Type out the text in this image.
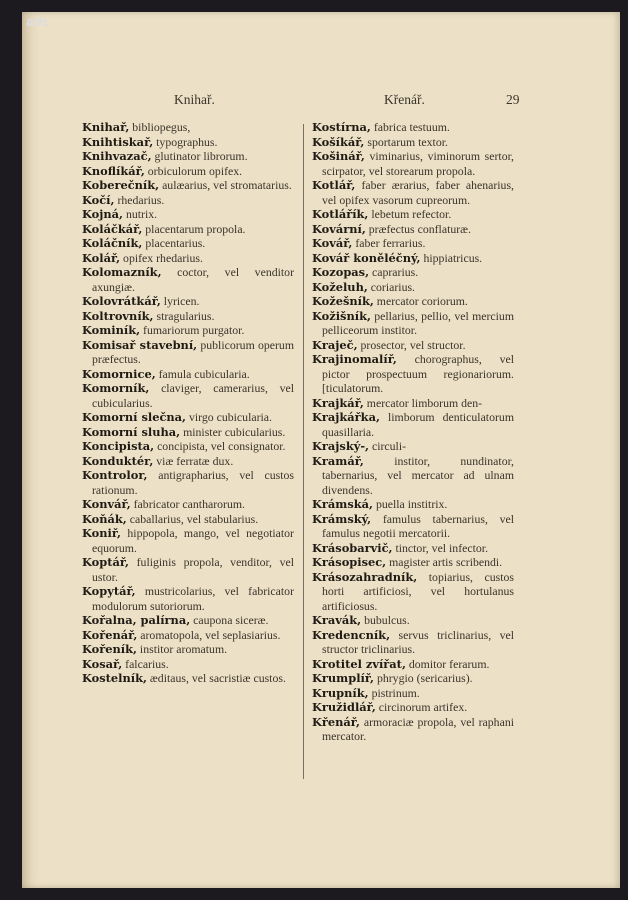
a9c
Knihař.	Křenář.	29

Knihař, bibliopegus,

Knihtiskař, typographus.

Knihvazač, glutinator librorum.

Knoflíkář, orbiculorum opifex.

Koberečník, aulæarius, vel stromatarius.

Kočí, rhedarius.

Kojná, nutrix.

Koláčkář, placentarum propola.

Koláčník, placentarius.

Kolář, opifex rhedarius.

Kolomazník, coctor, vel venditor axungiæ.

Kolovrátkář, lyricen.

Koltrovník, stragularius.

Kominík, fumariorum purgator.

Komisař stavební, publicorum operum præfectus.

Komornice, famula cubicularia.

Komorník, claviger, camerarius, vel cubicularius.

Komorní slečna, virgo cubicularia.

Komorní sluha, minister cubicularius.

Koncipista, concipista, vel consignator.

Konduktér, viæ ferratæ dux.

Kontrolor, antigrapharius, vel custos rationum.

Konvář, fabricator cantharorum.

Koňák, caballarius, vel stabularius.

Koniř, hippopola, mango, vel negotiator equorum.

Koptář, fuliginis propola, venditor, vel ustor.

Kopytář, mustricolarius, vel fabricator modulorum sutoriorum.

Kořalna, palírna, caupona siceræ.

Kořenář, aromatopola, vel seplasiarius.

Kořeník, institor aromatum.

Kosař, falcarius.

Kostelník, æditaus, vel sacristiæ custos.

Kostírna, fabrica testuum.

Košíkář, sportarum textor.

Košinář, viminarius, viminorum sertor, scirpator, vel storearum propola.

Kotlář, faber ærarius, faber ahenarius, vel opifex vasorum cupreorum.

Kotlářík, lebetum refector.

Kovární, præfectus conflaturæ.

Kovář, faber ferrarius.

Kovář koněléčný, hippiatricus.

Kozopas, caprarius.

Koželuh, coriarius.

Kožešník, mercator coriorum.

Kožišník, pellarius, pellio, vel mercium pelliceorum institor.

Kraječ, prosector, vel structor.

Krajinomalíř, chorographus, vel pictor prospectuum regionariorum. [ticulatorum.

Krajkář, mercator limborum den-

Krajkářka, limborum denticulatorum quasillaria.

Krajský-, circuli-

Kramář,	institor, nundinator, tabernarius, vel mercator ad ulnam divendens.

Krámská, puella institrix.

Krámský, famulus tabernarius, vel famulus negotii mercatorii.

Krásobarvič, tinctor, vel infector.

Krásopisec, magister artis scribendi.

Krásozahradník, topiarius, custos horti artificiosi, vel hortulanus artificiosus.

Kravák, bubulcus.

Kredencník, servus triclinarius, vel structor triclinarius.

Krotitel zvířat, domitor ferarum.

Krumplíř, phrygio (sericarius).

Krupník, pistrinum.

Kružidlář, circinorum artifex.

Křenář, armoraciæ propola, vel raphani mercator.
